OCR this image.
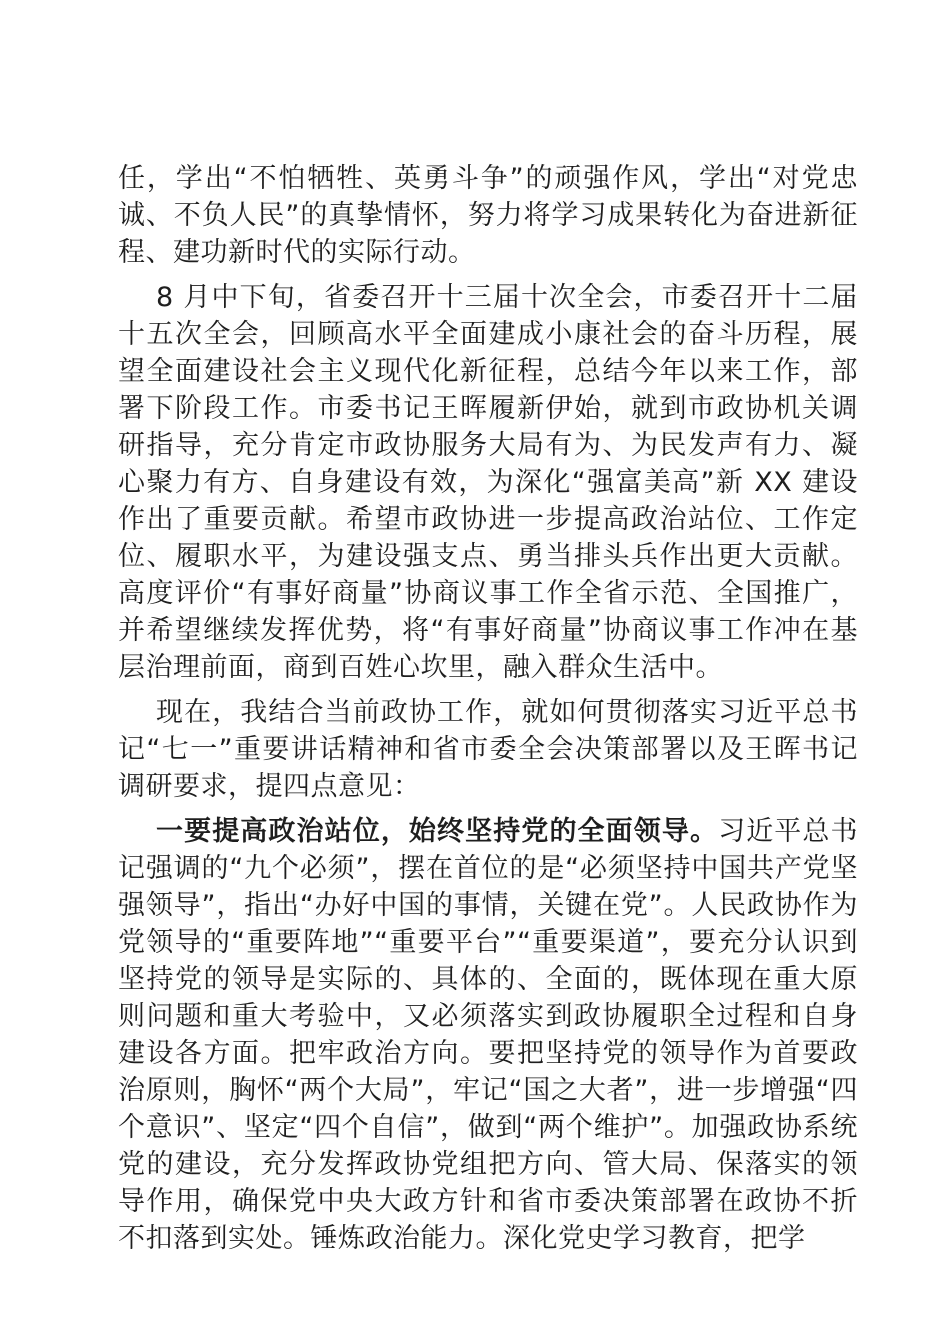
任，学出“不怕牺牲、英勇斗争”的顽强作风，学出“对党忠诚、不负人民”的真挚情怀，努力将学习成果转化为奋进新征程、建功新时代的实际行动。

8 月中下旬，省委召开十三届十次全会，市委召开十二届十五次全会，回顾高水平全面建成小康社会的奋斗历程，展望全面建设社会主义现代化新征程，总结今年以来工作，部署下阶段工作。市委书记王晖履新伊始，就到市政协机关调研指导，充分肯定市政协服务大局有为、为民发声有力、凝心聚力有方、自身建设有效，为深化“强富美高”新 XX 建设作出了重要贡献。希望市政协进一步提高政治站位、工作定位、履职水平，为建设强支点、勇当排头兵作出更大贡献。高度评价“有事好商量”协商议事工作全省示范、全国推广，并希望继续发挥优势，将“有事好商量”协商议事工作冲在基层治理前面，商到百姓心坎里，融入群众生活中。

现在，我结合当前政协工作，就如何贯彻落实习近平总书记“七一”重要讲话精神和省市委全会决策部署以及王晖书记调研要求，提四点意见：

一要提高政治站位，始终坚持党的全面领导。习近平总书记强调的“九个必须”，摆在首位的是“必须坚持中国共产党坚强领导”，指出“办好中国的事情，关键在党”。人民政协作为党领导的“重要阵地”“重要平台”“重要渠道”，要充分认识到坚持党的领导是实际的、具体的、全面的，既体现在重大原则问题和重大考验中，又必须落实到政协履职全过程和自身建设各方面。把牢政治方向。要把坚持党的领导作为首要政治原则，胸怀“两个大局”，牢记“国之大者”，进一步增强“四个意识”、坚定“四个自信”，做到“两个维护”。加强政协系统党的建设，充分发挥政协党组把方向、管大局、保落实的领导作用，确保党中央大政方针和省市委决策部署在政协不折不扣落到实处。锤炼政治能力。深化党史学习教育，把学
